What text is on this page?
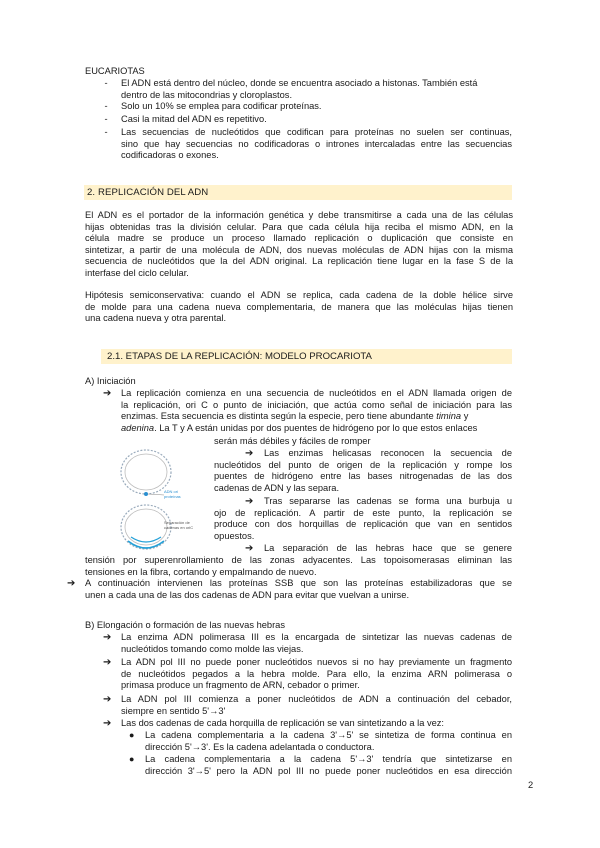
EUCARIOTAS
-	El ADN está dentro del núcleo, donde se encuentra asociado a histonas. También está
dentro de las mitocondrias y cloroplastos.
-	Solo un 10% se emplea para codificar proteínas.
-	Casi la mitad del ADN es repetitivo.
-	Las secuencias de nucleótidos que codifican para proteínas no suelen ser continuas,
sino que hay secuencias no codificadoras o intrones intercaladas entre las secuencias
codificadoras o exones.
2. REPLICACIÓN DEL ADN
El ADN es el portador de la información genética y debe transmitirse a cada una de las células
hijas obtenidas tras la división celular. Para que cada célula hija reciba el mismo ADN, en la
célula madre se produce un proceso llamado replicación o duplicación que consiste en
sintetizar, a partir de una molécula de ADN, dos nuevas moléculas de ADN hijas con la misma
secuencia de nucleótidos que la del ADN original. La replicación tiene lugar en la fase S de la
interfase del ciclo celular.
Hipótesis semiconservativa: cuando el ADN se replica, cada cadena de la doble hélice sirve
de molde para una cadena nueva complementaria, de manera que las moléculas hijas tienen
una cadena nueva y otra parental.
2.1. ETAPAS DE LA REPLICACIÓN: MODELO PROCARIOTA
A) Iniciación
➔ La replicación comienza en una secuencia de nucleótidos en el ADN llamada origen de
la replicación, ori C o punto de iniciación, que actúa como señal de iniciación para las
enzimas. Esta secuencia es distinta según la especie, pero tiene abundante timina y
adenina. La T y A están unidas por dos puentes de hidrógeno por lo que estos enlaces
serán más débiles y fáciles de romper
ADN ori
proteínas
Separación de
cadenas en oriC
➔	Las enzimas helicasas reconocen la secuencia de
nucleótidos del punto de origen de la replicación y rompe los
puentes de hidrógeno entre las bases nitrogenadas de las dos
cadenas de ADN y las separa.
➔	Tras separarse las cadenas se forma una burbuja u
ojo de replicación. A partir de este punto, la replicación se
produce con dos horquillas de replicación que van en sentidos
opuestos.
➔ La separación de las hebras hace que se genere
tensión por superenrollamiento de las zonas adyacentes. Las topoisomerasas eliminan las
tensiones en la fibra, cortando y empalmando de nuevo.
➔ A continuación intervienen las proteínas SSB que son las proteínas estabilizadoras que se
unen a cada una de las dos cadenas de ADN para evitar que vuelvan a unirse.
B) Elongación o formación de las nuevas hebras
➔ La enzima ADN polimerasa III es la encargada de sintetizar las nuevas cadenas de
nucleótidos tomando como molde las viejas.
➔ La ADN pol III no puede poner nucleótidos nuevos si no hay previamente un fragmento
de nucleótidos pegados a la hebra molde. Para ello, la enzima ARN polimerasa o
primasa produce un fragmento de ARN, cebador o primer.
➔ La ADN pol III comienza a poner nucleótidos de ADN a continuación del cebador,
siempre en sentido 5'→3'
➔ Las dos cadenas de cada horquilla de replicación se van sintetizando a la vez:
● La cadena complementaria a la cadena 3'→5' se sintetiza de forma continua en
dirección 5'→3'. Es la cadena adelantada o conductora.
● La cadena complementaria a la cadena 5'→3' tendría que sintetizarse en
dirección 3'→5' pero la ADN pol III no puede poner nucleótidos en esa dirección
2
